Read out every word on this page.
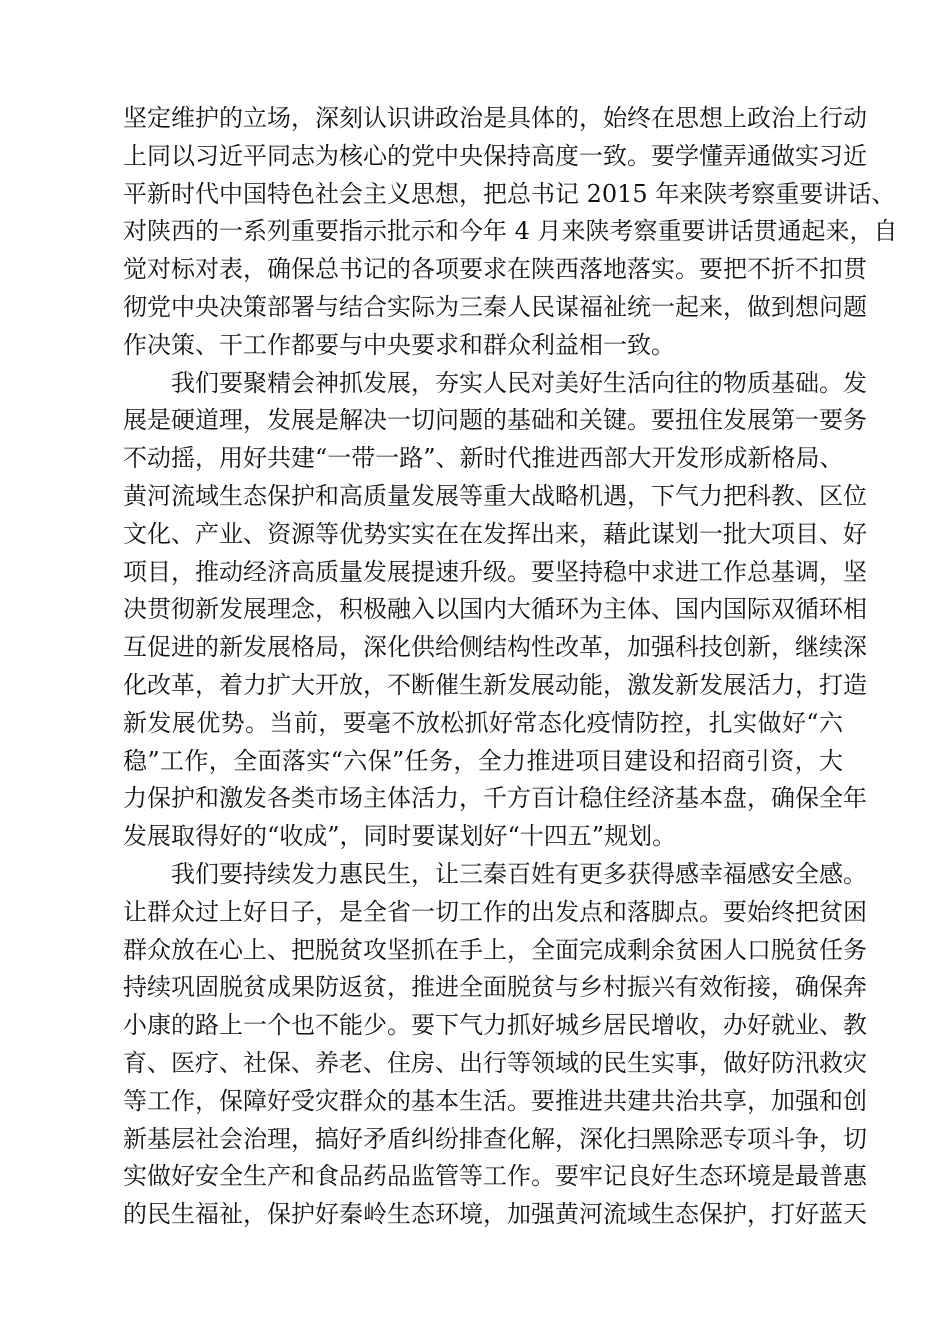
坚定维护的立场，深刻认识讲政治是具体的，始终在思想上政治上行动
上同以习近平同志为核心的党中央保持高度一致。要学懂弄通做实习近
平新时代中国特色社会主义思想，把总书记 2015 年来陕考察重要讲话、
对陕西的一系列重要指示批示和今年 4 月来陕考察重要讲话贯通起来，自
觉对标对表，确保总书记的各项要求在陕西落地落实。要把不折不扣贯
彻党中央决策部署与结合实际为三秦人民谋福祉统一起来，做到想问题
作决策、干工作都要与中央要求和群众利益相一致。
我们要聚精会神抓发展，夯实人民对美好生活向往的物质基础。发
展是硬道理，发展是解决一切问题的基础和关键。要扭住发展第一要务
不动摇，用好共建“一带一路”、新时代推进西部大开发形成新格局、
黄河流域生态保护和高质量发展等重大战略机遇，下气力把科教、区位
文化、产业、资源等优势实实在在发挥出来，藉此谋划一批大项目、好
项目，推动经济高质量发展提速升级。要坚持稳中求进工作总基调，坚
决贯彻新发展理念，积极融入以国内大循环为主体、国内国际双循环相
互促进的新发展格局，深化供给侧结构性改革，加强科技创新，继续深
化改革，着力扩大开放，不断催生新发展动能，激发新发展活力，打造
新发展优势。当前，要毫不放松抓好常态化疫情防控，扎实做好“六
稳”工作，全面落实“六保”任务，全力推进项目建设和招商引资，大
力保护和激发各类市场主体活力，千方百计稳住经济基本盘，确保全年
发展取得好的“收成”，同时要谋划好“十四五”规划。
我们要持续发力惠民生，让三秦百姓有更多获得感幸福感安全感。
让群众过上好日子，是全省一切工作的出发点和落脚点。要始终把贫困
群众放在心上、把脱贫攻坚抓在手上，全面完成剩余贫困人口脱贫任务
持续巩固脱贫成果防返贫，推进全面脱贫与乡村振兴有效衔接，确保奔
小康的路上一个也不能少。要下气力抓好城乡居民增收，办好就业、教
育、医疗、社保、养老、住房、出行等领域的民生实事，做好防汛救灾
等工作，保障好受灾群众的基本生活。要推进共建共治共享，加强和创
新基层社会治理，搞好矛盾纠纷排查化解，深化扫黑除恶专项斗争，切
实做好安全生产和食品药品监管等工作。要牢记良好生态环境是最普惠
的民生福祉，保护好秦岭生态环境，加强黄河流域生态保护，打好蓝天
